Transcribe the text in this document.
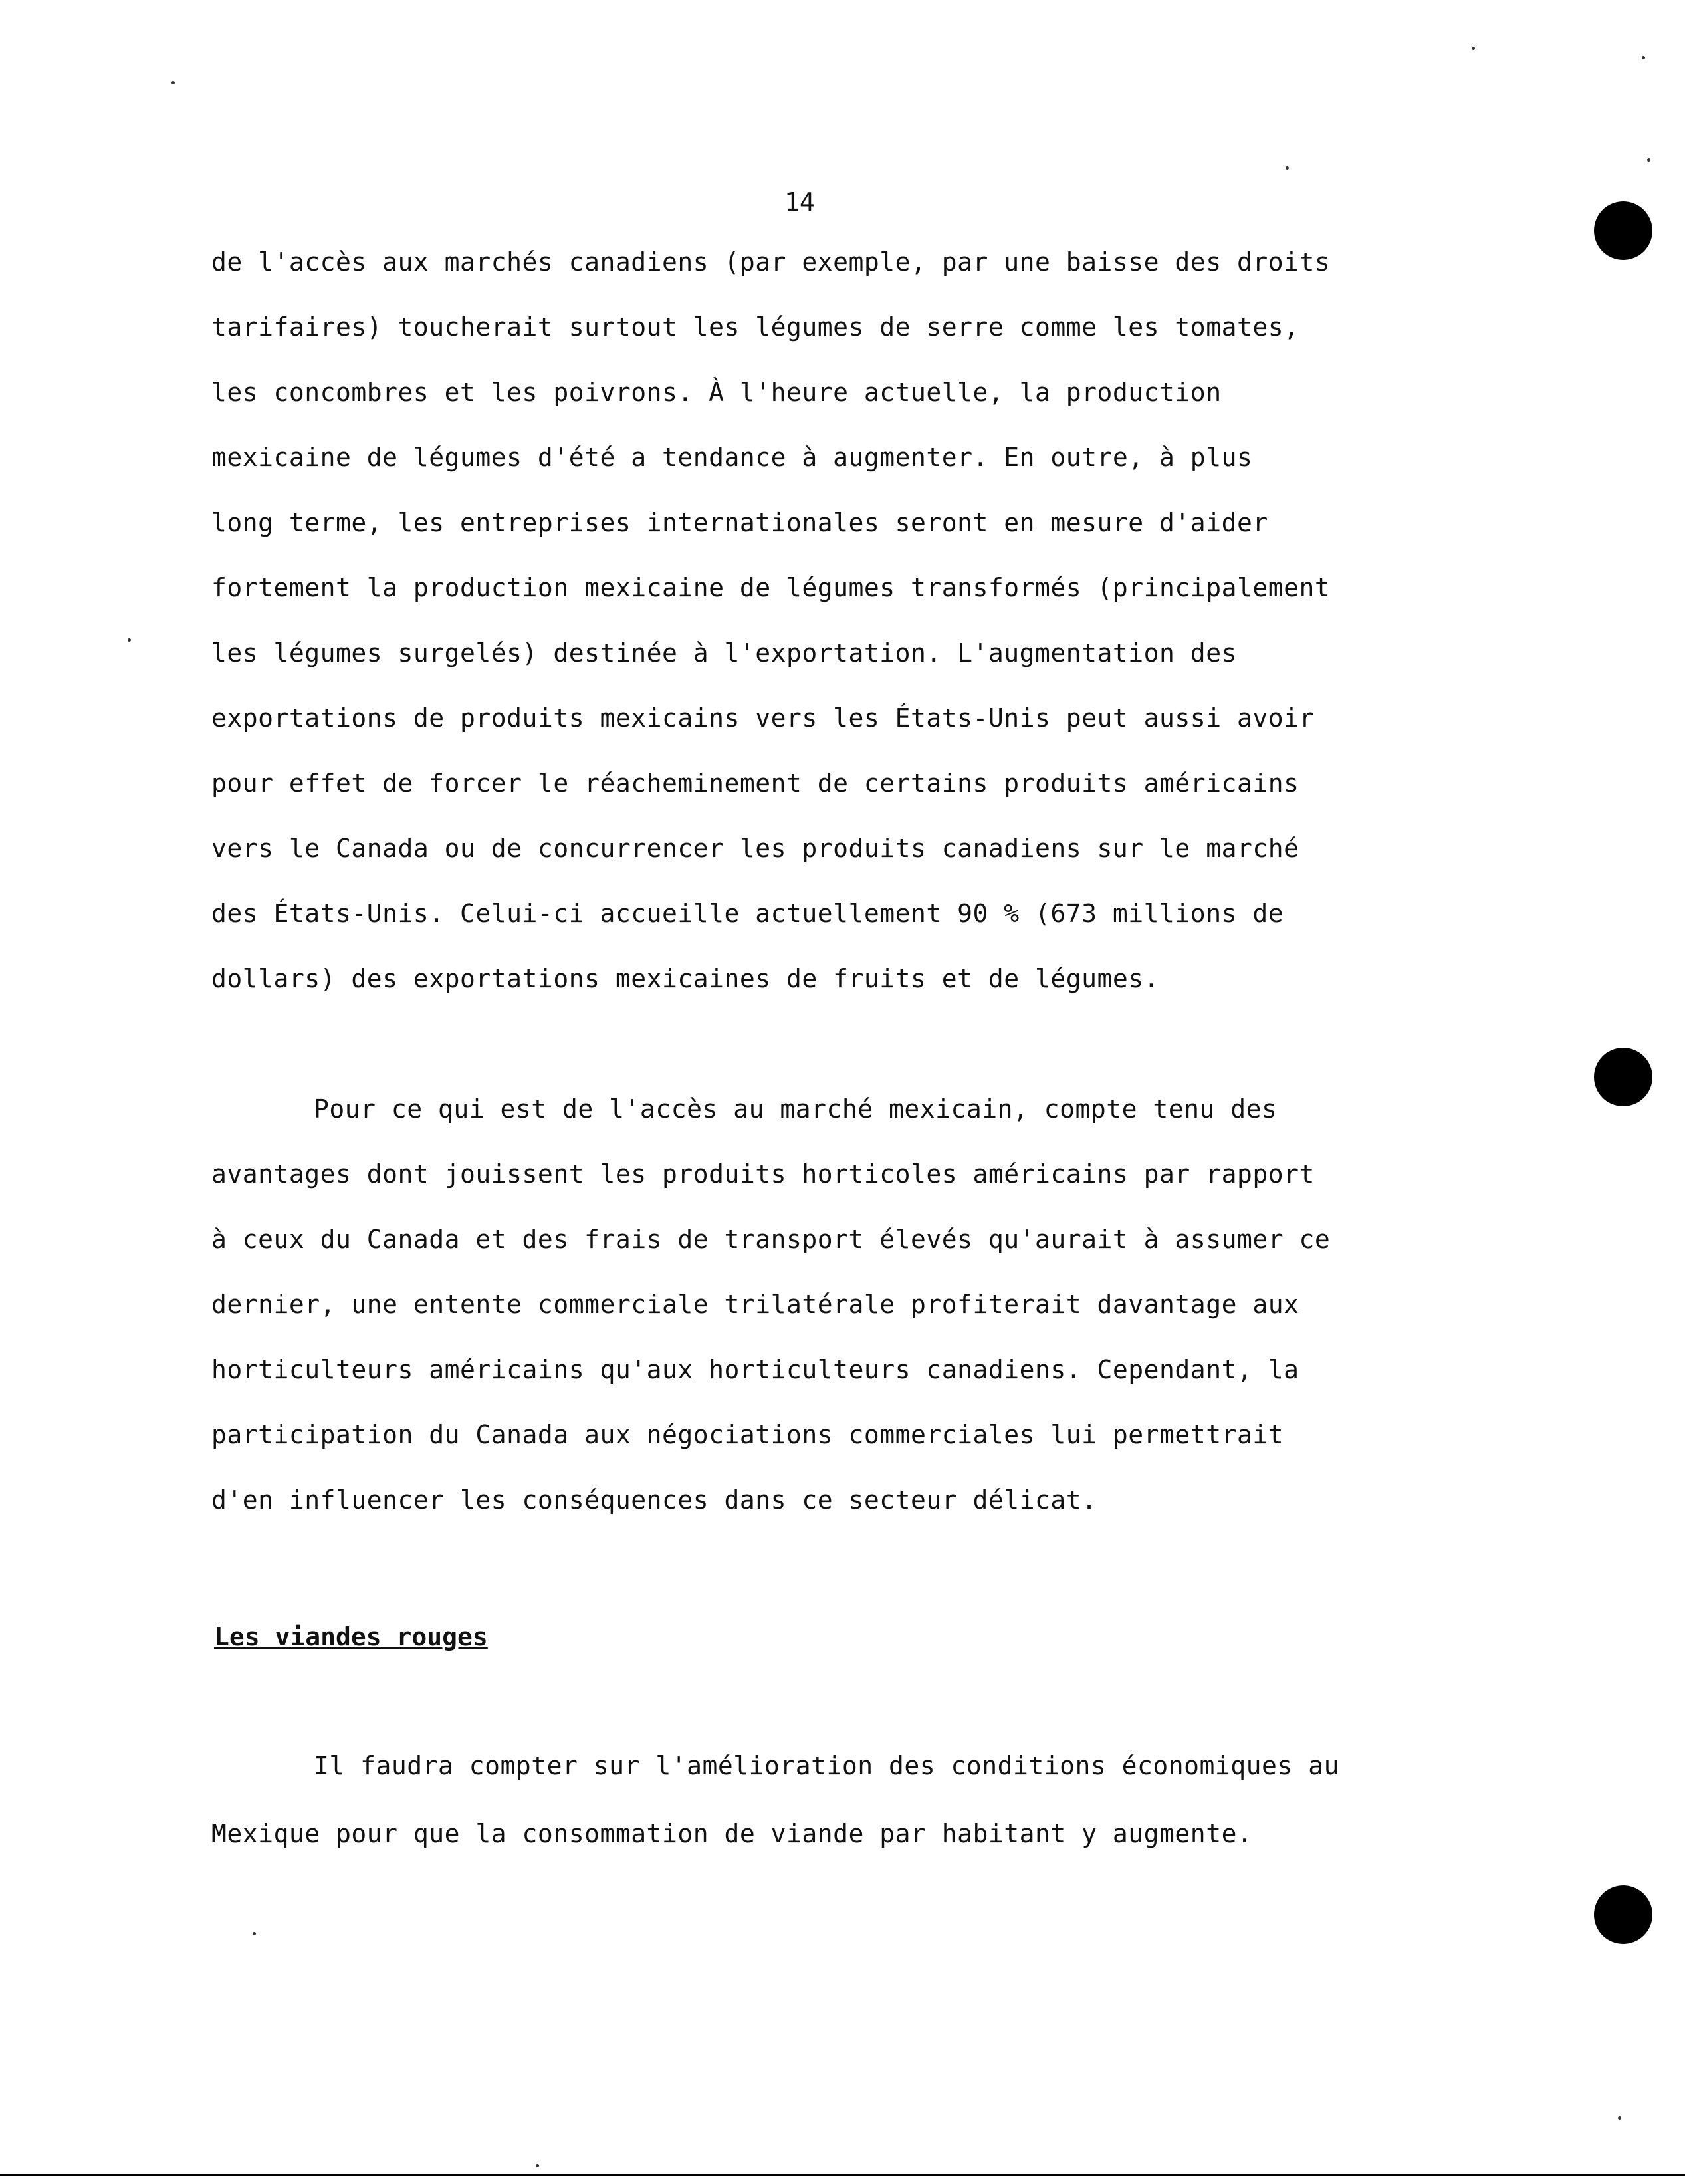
14
de l'accès aux marchés canadiens (par exemple, par une baisse des droits
tarifaires) toucherait surtout les légumes de serre comme les tomates,
les concombres et les poivrons. À l'heure actuelle, la production
mexicaine de légumes d'été a tendance à augmenter. En outre, à plus
long terme, les entreprises internationales seront en mesure d'aider
fortement la production mexicaine de légumes transformés (principalement
les légumes surgelés) destinée à l'exportation. L'augmentation des
exportations de produits mexicains vers les États-Unis peut aussi avoir
pour effet de forcer le réacheminement de certains produits américains
vers le Canada ou de concurrencer les produits canadiens sur le marché
des États-Unis. Celui-ci accueille actuellement 90 % (673 millions de
dollars) des exportations mexicaines de fruits et de légumes.
Pour ce qui est de l'accès au marché mexicain, compte tenu des
avantages dont jouissent les produits horticoles américains par rapport
à ceux du Canada et des frais de transport élevés qu'aurait à assumer ce
dernier, une entente commerciale trilatérale profiterait davantage aux
horticulteurs américains qu'aux horticulteurs canadiens. Cependant, la
participation du Canada aux négociations commerciales lui permettrait
d'en influencer les conséquences dans ce secteur délicat.
Les viandes rouges
Il faudra compter sur l'amélioration des conditions économiques au
Mexique pour que la consommation de viande par habitant y augmente.
